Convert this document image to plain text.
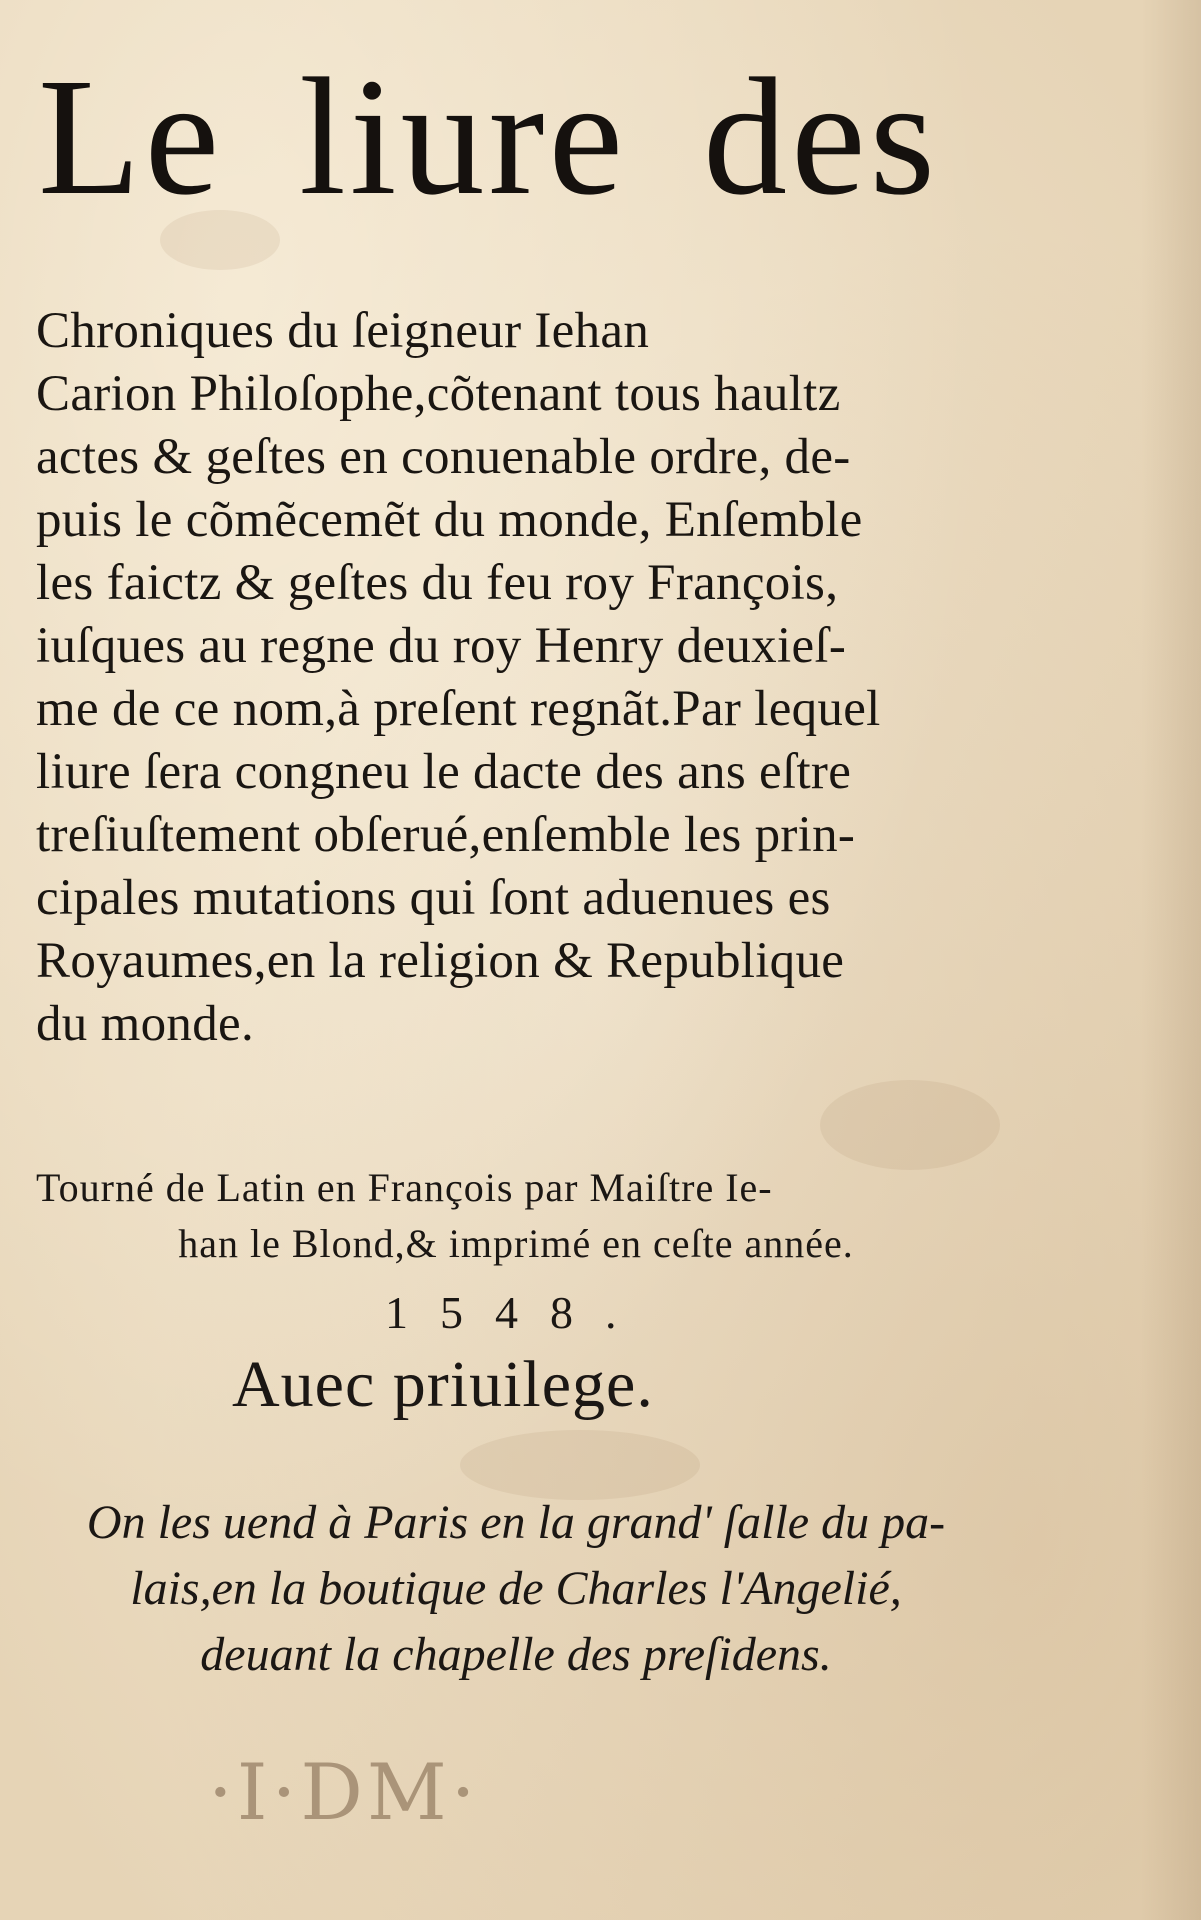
Le liure des
Chroniques du ſeigneur Iehan
Carion Philoſophe,cõtenant tous haultz
actes & geſtes en conuenable ordre, de-
puis le cõmẽcemẽt du monde, Enſemble
les faictz & geſtes du feu roy François,
iuſques au regne du roy Henry deuxieſ-
me de ce nom,à preſent regnãt.Par lequel
liure ſera congneu le dacte des ans eſtre
treſiuſtement obſerué,enſemble les prin-
cipales mutations qui ſont aduenues es
Royaumes,en la religion & Republique
du monde.
Tourné de Latin en François par Maiſtre Ie-
han le Blond,& imprimé en ceſte année.
1548.
Auec priuilege.
On les uend à Paris en la grand' ſalle du pa-
lais,en la boutique de Charles l'Angelié,
deuant la chapelle des preſidens.
·I·DM·
